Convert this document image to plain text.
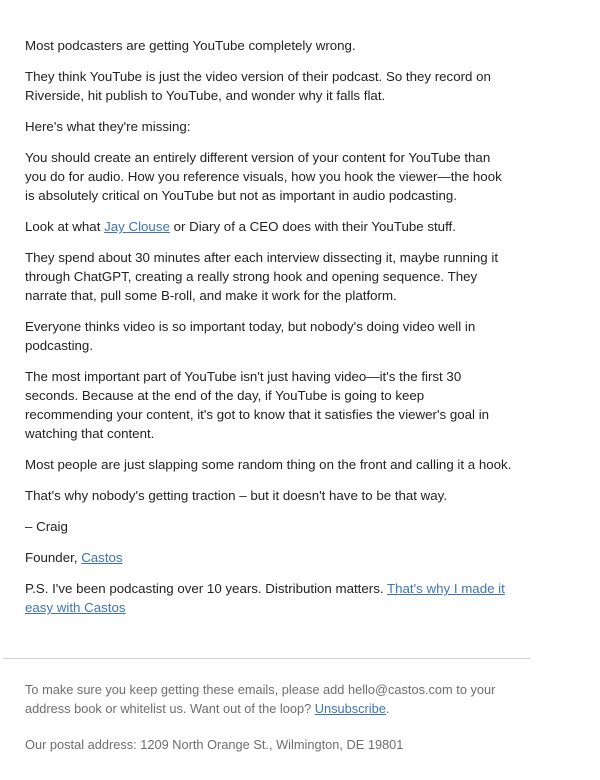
Most podcasters are getting YouTube completely wrong.

They think YouTube is just the video version of their podcast. So they record on Riverside, hit publish to YouTube, and wonder why it falls flat.

Here's what they're missing:

You should create an entirely different version of your content for YouTube than you do for audio. How you reference visuals, how you hook the viewer—the hook is absolutely critical on YouTube but not as important in audio podcasting.

Look at what Jay Clouse or Diary of a CEO does with their YouTube stuff.

They spend about 30 minutes after each interview dissecting it, maybe running it through ChatGPT, creating a really strong hook and opening sequence. They narrate that, pull some B-roll, and make it work for the platform.

Everyone thinks video is so important today, but nobody's doing video well in podcasting.

The most important part of YouTube isn't just having video—it's the first 30 seconds. Because at the end of the day, if YouTube is going to keep recommending your content, it's got to know that it satisfies the viewer's goal in watching that content.

Most people are just slapping some random thing on the front and calling it a hook.

That's why nobody's getting traction – but it doesn't have to be that way.

– Craig

Founder, Castos

P.S. I've been podcasting over 10 years. Distribution matters. That's why I made it easy with Castos

To make sure you keep getting these emails, please add hello@castos.com to your address book or whitelist us. Want out of the loop? Unsubscribe.

Our postal address: 1209 North Orange St., Wilmington, DE 19801
